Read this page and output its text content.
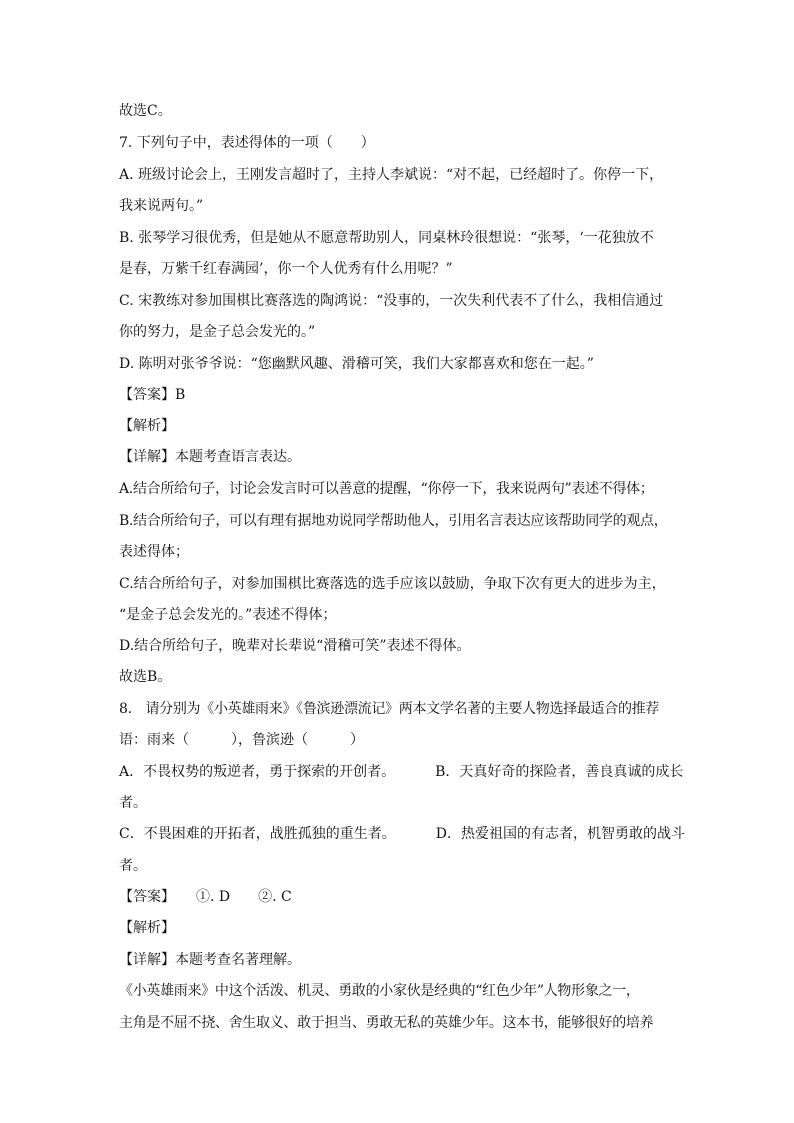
故选C。
7. 下列句子中，表述得体的一项（　　）
A. 班级讨论会上，王刚发言超时了，主持人李斌说：“对不起，已经超时了。你停一下，
我来说两句。”
B. 张琴学习很优秀，但是她从不愿意帮助别人，同桌林玲很想说：“张琴，‘一花独放不
是春，万紫千红春满园’，你一个人优秀有什么用呢？”
C. 宋教练对参加围棋比赛落选的陶鸿说：“没事的，一次失利代表不了什么，我相信通过
你的努力，是金子总会发光的。”
D. 陈明对张爷爷说：“您幽默风趣、滑稽可笑，我们大家都喜欢和您在一起。”
【答案】B
【解析】
【详解】本题考查语言表达。
A.结合所给句子，讨论会发言时可以善意的提醒，“你停一下，我来说两句”表述不得体；
B.结合所给句子，可以有理有据地劝说同学帮助他人，引用名言表达应该帮助同学的观点，
表述得体；
C.结合所给句子，对参加围棋比赛落选的选手应该以鼓励，争取下次有更大的进步为主，
“是金子总会发光的。”表述不得体；
D.结合所给句子，晚辈对长辈说“滑稽可笑”表述不得体。
故选B。
8.　请分别为《小英雄雨来》《鲁滨逊漂流记》两本文学名著的主要人物选择最适合的推荐
语：雨来（　　　），鲁滨逊（　　　）
A．不畏权势的叛逆者，勇于探索的开创者。	B．天真好奇的探险者，善良真诚的成长
者。
C．不畏困难的开拓者，战胜孤独的重生者。	D．热爱祖国的有志者，机智勇敢的战斗
者。
【答案】　　①. D　　②. C
【解析】
【详解】本题考查名著理解。
《小英雄雨来》中这个活泼、机灵、勇敢的小家伙是经典的“红色少年”人物形象之一，
主角是不屈不挠、舍生取义、敢于担当、勇敢无私的英雄少年。这本书，能够很好的培养
